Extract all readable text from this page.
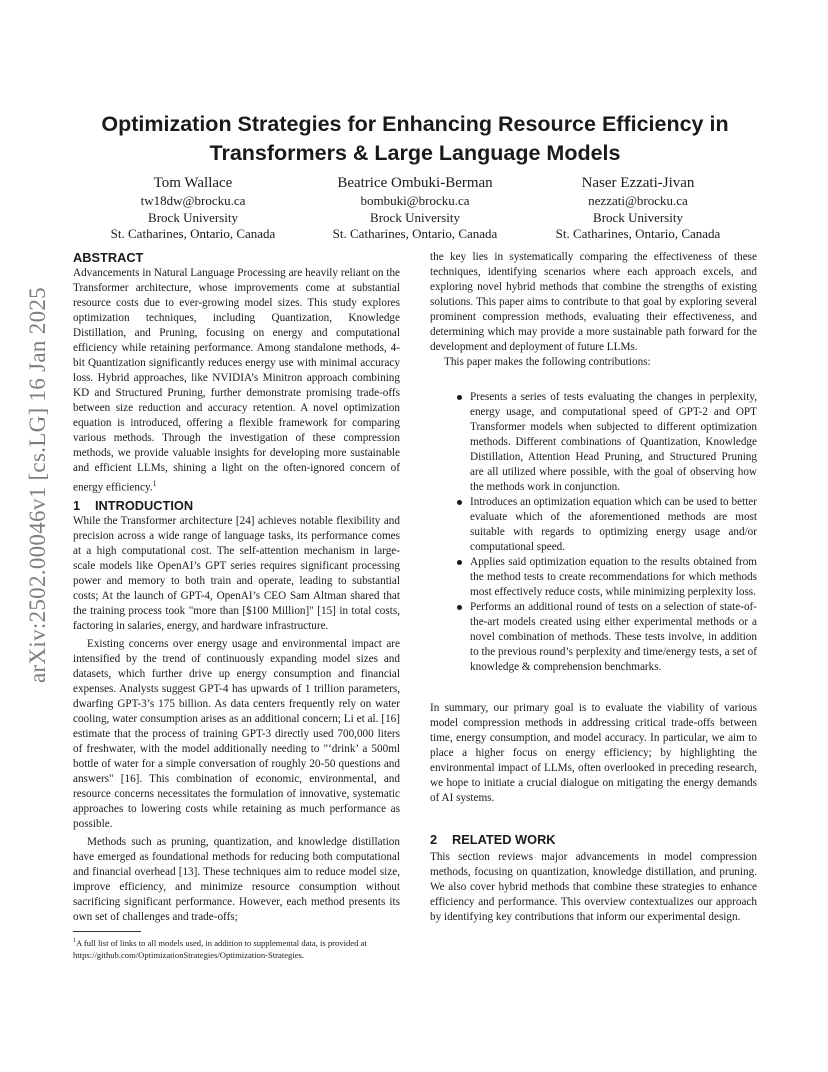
arXiv:2502.00046v1 [cs.LG] 16 Jan 2025
Optimization Strategies for Enhancing Resource Efficiency in Transformers & Large Language Models
Tom Wallace
tw18dw@brocku.ca
Brock University
St. Catharines, Ontario, Canada
Beatrice Ombuki-Berman
bombuki@brocku.ca
Brock University
St. Catharines, Ontario, Canada
Naser Ezzati-Jivan
nezzati@brocku.ca
Brock University
St. Catharines, Ontario, Canada
ABSTRACT

Advancements in Natural Language Processing are heavily reliant on the Transformer architecture, whose improvements come at substantial resource costs due to ever-growing model sizes. This study explores optimization techniques, including Quantization, Knowledge Distillation, and Pruning, focusing on energy and computational efficiency while retaining performance. Among standalone methods, 4-bit Quantization significantly reduces energy use with minimal accuracy loss. Hybrid approaches, like NVIDIA’s Minitron approach combining KD and Structured Pruning, further demonstrate promising trade-offs between size reduction and accuracy retention. A novel optimization equation is introduced, offering a flexible framework for comparing various methods. Through the investigation of these compression methods, we provide valuable insights for developing more sustainable and efficient LLMs, shining a light on the often-ignored concern of energy efficiency.$^1$

1 INTRODUCTION

While the Transformer architecture [24] achieves notable flexibility and precision across a wide range of language tasks, its performance comes at a high computational cost. The self-attention mechanism in large-scale models like OpenAI’s GPT series requires significant processing power and memory to both train and operate, leading to substantial costs; At the launch of GPT-4, OpenAI’s CEO Sam Altman shared that the training process took "more than [$100 Million]" [15] in total costs, factoring in salaries, energy, and hardware infrastructure.

Existing concerns over energy usage and environmental impact are intensified by the trend of continuously expanding model sizes and datasets, which further drive up energy consumption and financial expenses. Analysts suggest GPT-4 has upwards of 1 trillion parameters, dwarfing GPT-3’s 175 billion. As data centers frequently rely on water cooling, water consumption arises as an additional concern; Li et al. [16] estimate that the process of training GPT-3 directly used 700,000 liters of freshwater, with the model additionally needing to "‘drink’ a 500ml bottle of water for a simple conversation of roughly 20-50 questions and answers" [16]. This combination of economic, environmental, and resource concerns necessitates the formulation of innovative, systematic approaches to lowering costs while retaining as much performance as possible.

Methods such as pruning, quantization, and knowledge distillation have emerged as foundational methods for reducing both computational and financial overhead [13]. These techniques aim to reduce model size, improve efficiency, and minimize resource consumption without sacrificing significant performance. However, each method presents its own set of challenges and trade-offs;

$^1$A full list of links to all models used, in addition to supplemental data, is provided at https://github.com/OptimizationStrategies/Optimization-Strategies.

the key lies in systematically comparing the effectiveness of these techniques, identifying scenarios where each approach excels, and exploring novel hybrid methods that combine the strengths of existing solutions. This paper aims to contribute to that goal by exploring several prominent compression methods, evaluating their effectiveness, and determining which may provide a more sustainable path forward for the development and deployment of future LLMs.

This paper makes the following contributions:

Presents a series of tests evaluating the changes in perplexity, energy usage, and computational speed of GPT-2 and OPT Transformer models when subjected to different optimization methods. Different combinations of Quantization, Knowledge Distillation, Attention Head Pruning, and Structured Pruning are all utilized where possible, with the goal of observing how the methods work in conjunction.
Introduces an optimization equation which can be used to better evaluate which of the aforementioned methods are most suitable with regards to optimizing energy usage and/or computational speed.
Applies said optimization equation to the results obtained from the method tests to create recommendations for which methods most effectively reduce costs, while minimizing perplexity loss.
Performs an additional round of tests on a selection of state-of-the-art models created using either experimental methods or a novel combination of methods. These tests involve, in addition to the previous round’s perplexity and time/energy tests, a set of knowledge & comprehension benchmarks.

In summary, our primary goal is to evaluate the viability of various model compression methods in addressing critical trade-offs between time, energy consumption, and model accuracy. In particular, we aim to place a higher focus on energy efficiency; by highlighting the environmental impact of LLMs, often overlooked in preceding research, we hope to initiate a crucial dialogue on mitigating the energy demands of AI systems.

2 RELATED WORK

This section reviews major advancements in model compression methods, focusing on quantization, knowledge distillation, and pruning. We also cover hybrid methods that combine these strategies to enhance efficiency and performance. This overview contextualizes our approach by identifying key contributions that inform our experimental design.
